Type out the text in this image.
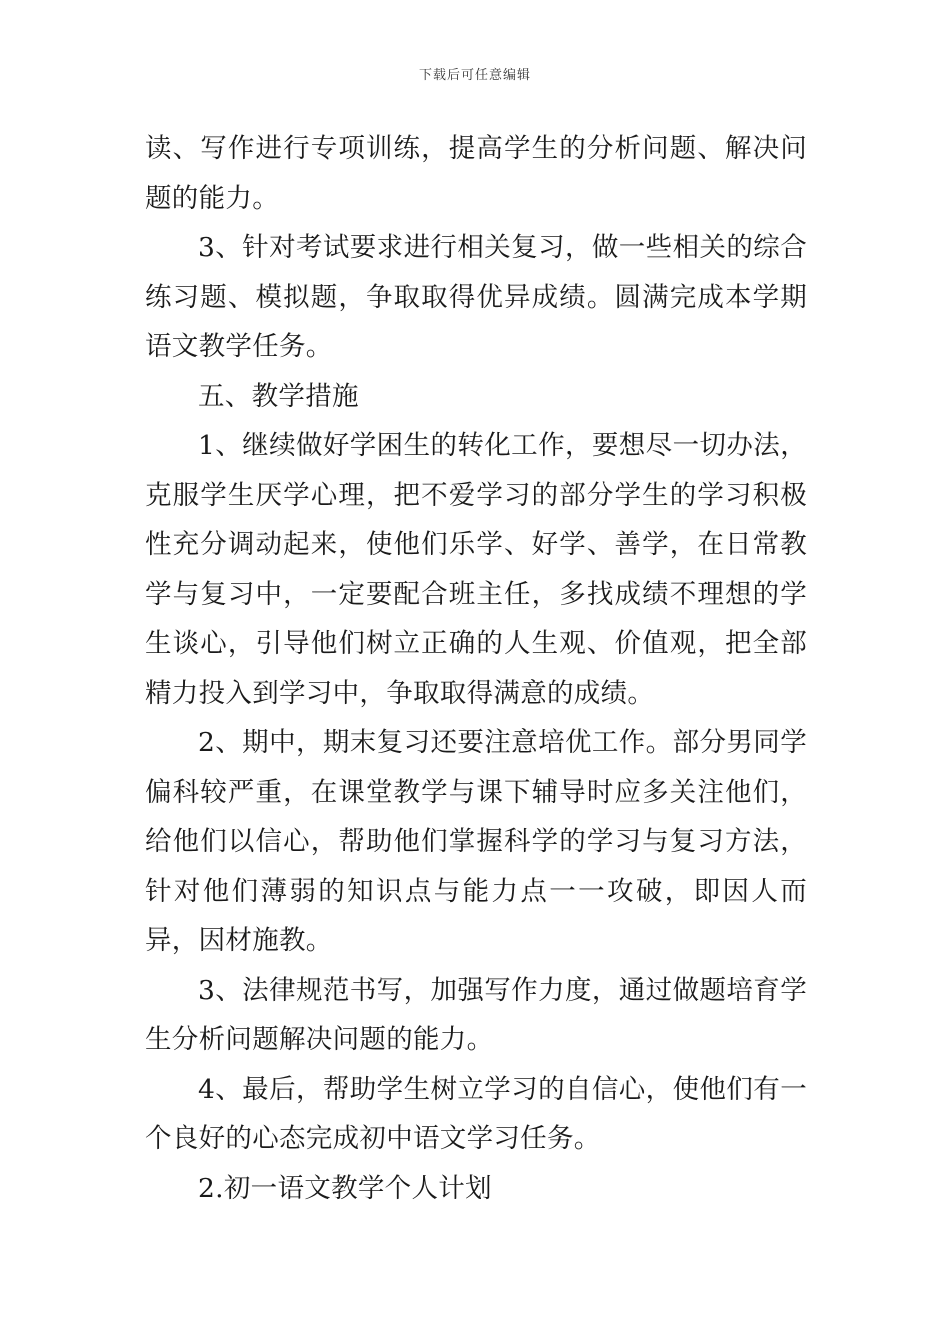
下载后可任意编辑

读、写作进行专项训练，提高学生的分析问题、解决问题的能力。

3、针对考试要求进行相关复习，做一些相关的综合练习题、模拟题，争取取得优异成绩。圆满完成本学期语文教学任务。

五、教学措施

1、继续做好学困生的转化工作，要想尽一切办法，克服学生厌学心理，把不爱学习的部分学生的学习积极性充分调动起来，使他们乐学、好学、善学，在日常教学与复习中，一定要配合班主任，多找成绩不理想的学生谈心，引导他们树立正确的人生观、价值观，把全部精力投入到学习中，争取取得满意的成绩。

2、期中，期末复习还要注意培优工作。部分男同学偏科较严重，在课堂教学与课下辅导时应多关注他们，给他们以信心，帮助他们掌握科学的学习与复习方法，针对他们薄弱的知识点与能力点一一攻破，即因人而异，因材施教。

3、法律规范书写，加强写作力度，通过做题培育学生分析问题解决问题的能力。

4、最后，帮助学生树立学习的自信心，使他们有一个良好的心态完成初中语文学习任务。

2.初一语文教学个人计划
